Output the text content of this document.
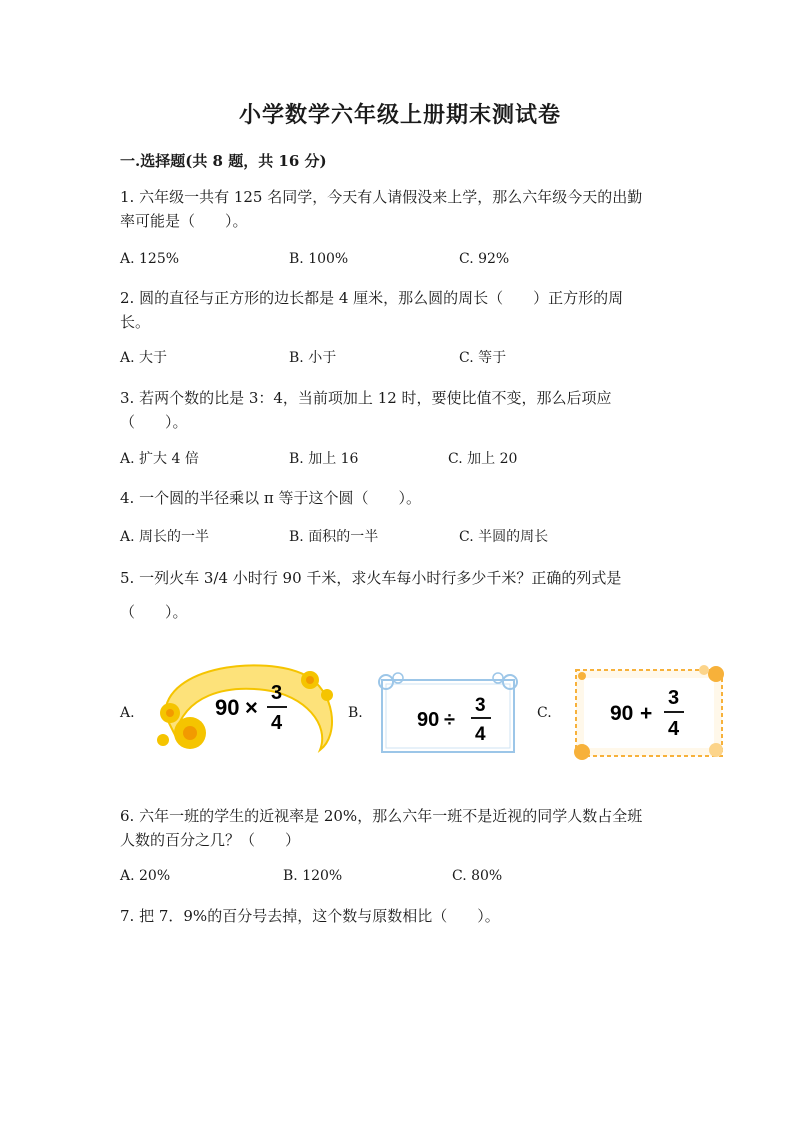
小学数学六年级上册期末测试卷
一.选择题(共 8 题，共 16 分)
1. 六年级一共有 125 名同学，今天有人请假没来上学，那么六年级今天的出勤
率可能是（　　）。
A. 125%	B. 100%	C. 92%
2. 圆的直径与正方形的边长都是 4 厘米，那么圆的周长（　　）正方形的周
长。
A. 大于	B. 小于	C. 等于
3. 若两个数的比是 3：4，当前项加上 12 时，要使比值不变，那么后项应
（　　）。
A. 扩大 4 倍	B. 加上 16	C. 加上 20
4. 一个圆的半径乘以 π 等于这个圆（　　）。
A. 周长的一半	B. 面积的一半	C. 半圆的周长
5. 一列火车 3/4 小时行 90 千米，求火车每小时行多少千米？正确的列式是
（　　）。
A.	B.	C.
90 ×
3
4	90 ÷
3
4
90 +
3
4
6. 六年一班的学生的近视率是 20%，那么六年一班不是近视的同学人数占全班
人数的百分之几？（　　）
A. 20%	B. 120%	C. 80%
7. 把 7．9%的百分号去掉，这个数与原数相比（　　）。
